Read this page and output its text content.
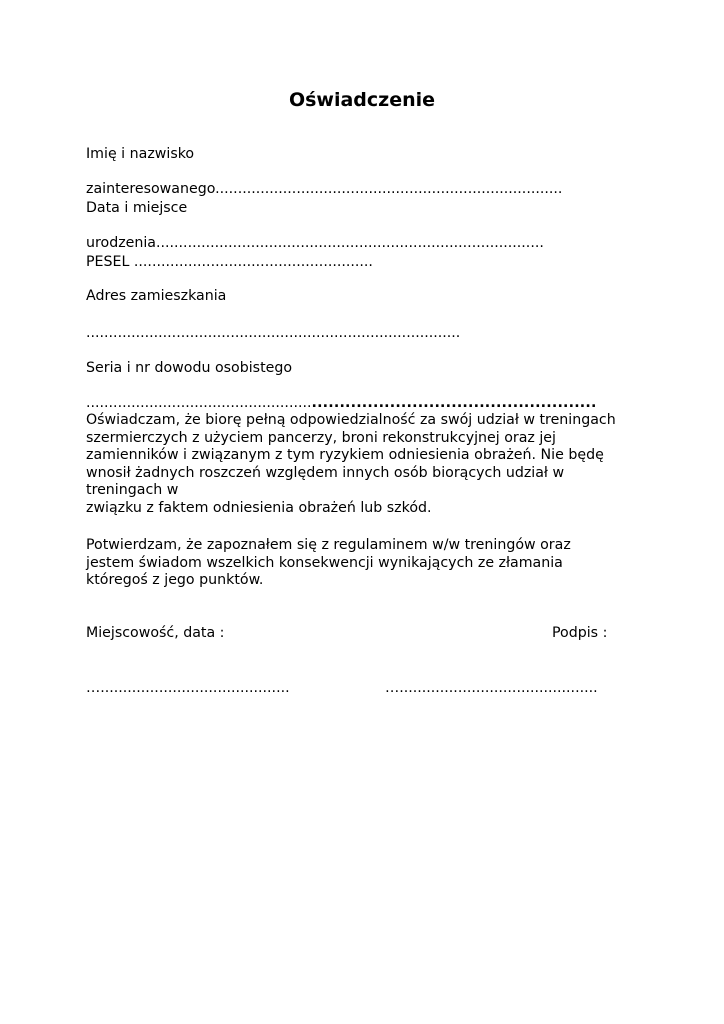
Oświadczenie

Imię i nazwisko

zainteresowanego.............................................................................

Data i miejsce

urodzenia......................................................................................

PESEL .....................................................

Adres zamieszkania

...................................................................................

Seria i nr dowodu osobistego

.....................................................................................................

Oświadczam, że biorę pełną odpowiedzialność za swój udział w treningach
szermierczych z użyciem pancerzy, broni rekonstrukcyjnej oraz jej
zamienników i związanym z tym ryzykiem odniesienia obrażeń. Nie będę
wnosił żadnych roszczeń względem innych osób biorących udział w
treningach w
związku z faktem odniesienia obrażeń lub szkód.
Potwierdzam, że zapoznałem się z regulaminem w/w treningów oraz
jestem świadom wszelkich konsekwencji wynikających ze złamania
któregoś z jego punktów.
Miejscowość, data :	Podpis :
…..........................................	…............................................
